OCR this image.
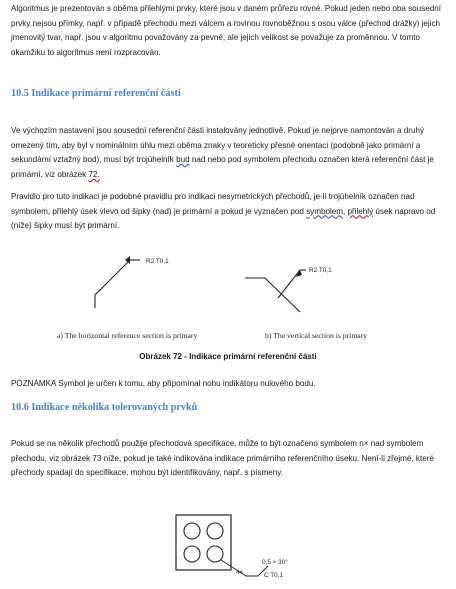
Algoritmus je prezentován s oběma přilehlými prvky, které jsou v daném průřezu rovné. Pokud jeden nebo oba sousední prvky nejsou přímky, např. v případě přechodu mezi válcem a rovinou rovnoběžnou s osou válce (přechod drážky) jejich jmenovitý tvar, např. jsou v algoritmu považovány za pevné, ale jejich velikost se považuje za proměnnou. V tomto okamžiku to algoritmus není rozpracován.

10.5 Indikace primární referenční části

Ve výchozím nastavení jsou sousední referenční části instalovány jednotlivě. Pokud je nejprve namontován a druhý omezený tím, aby byl v nominálním úhlu mezi oběma znaky v teoreticky přesné orientaci (podobně jako primární a sekundární vztažný bod), musí být trojúhelník bud nad nebo pod symbolem přechodu označen která referenční část je primární, viz obrázek 72.

Pravidlo pro tuto indikaci je podobné pravidlu pro indikaci nesymetrických přechodů, je-li trojúhelník označen nad symbolem, přilehlý úsek vlevo od šipky (nad) je primární a pokud je vyznačen pod symbolem, přilehlý úsek napravo od (níže) šipky musí být primární.

R2 T0,1
R2 T0,1
a) The horizontal reference section is primary	b) The vertical section is primary

Obrázek 72 - Indikace primární referenční části

POZNÁMKA Symbol je určen k tomu, aby připomínal nohu indikátoru nulového bodu.

10.6 Indikace několika tolerovaných prvků

Pokud se na několik přechodů použije přechodová specifikace, může to být označeno symbolem n× nad symbolem přechodu, viz obrázek 73 níže, pokud je také indikována indikace primárního referenčního úseku. Není-li zřejmé, které přechody spadají do specifikace, mohou být identifikovány, např. s písmeny.

4×
0,5 × 30°
C T0,1
